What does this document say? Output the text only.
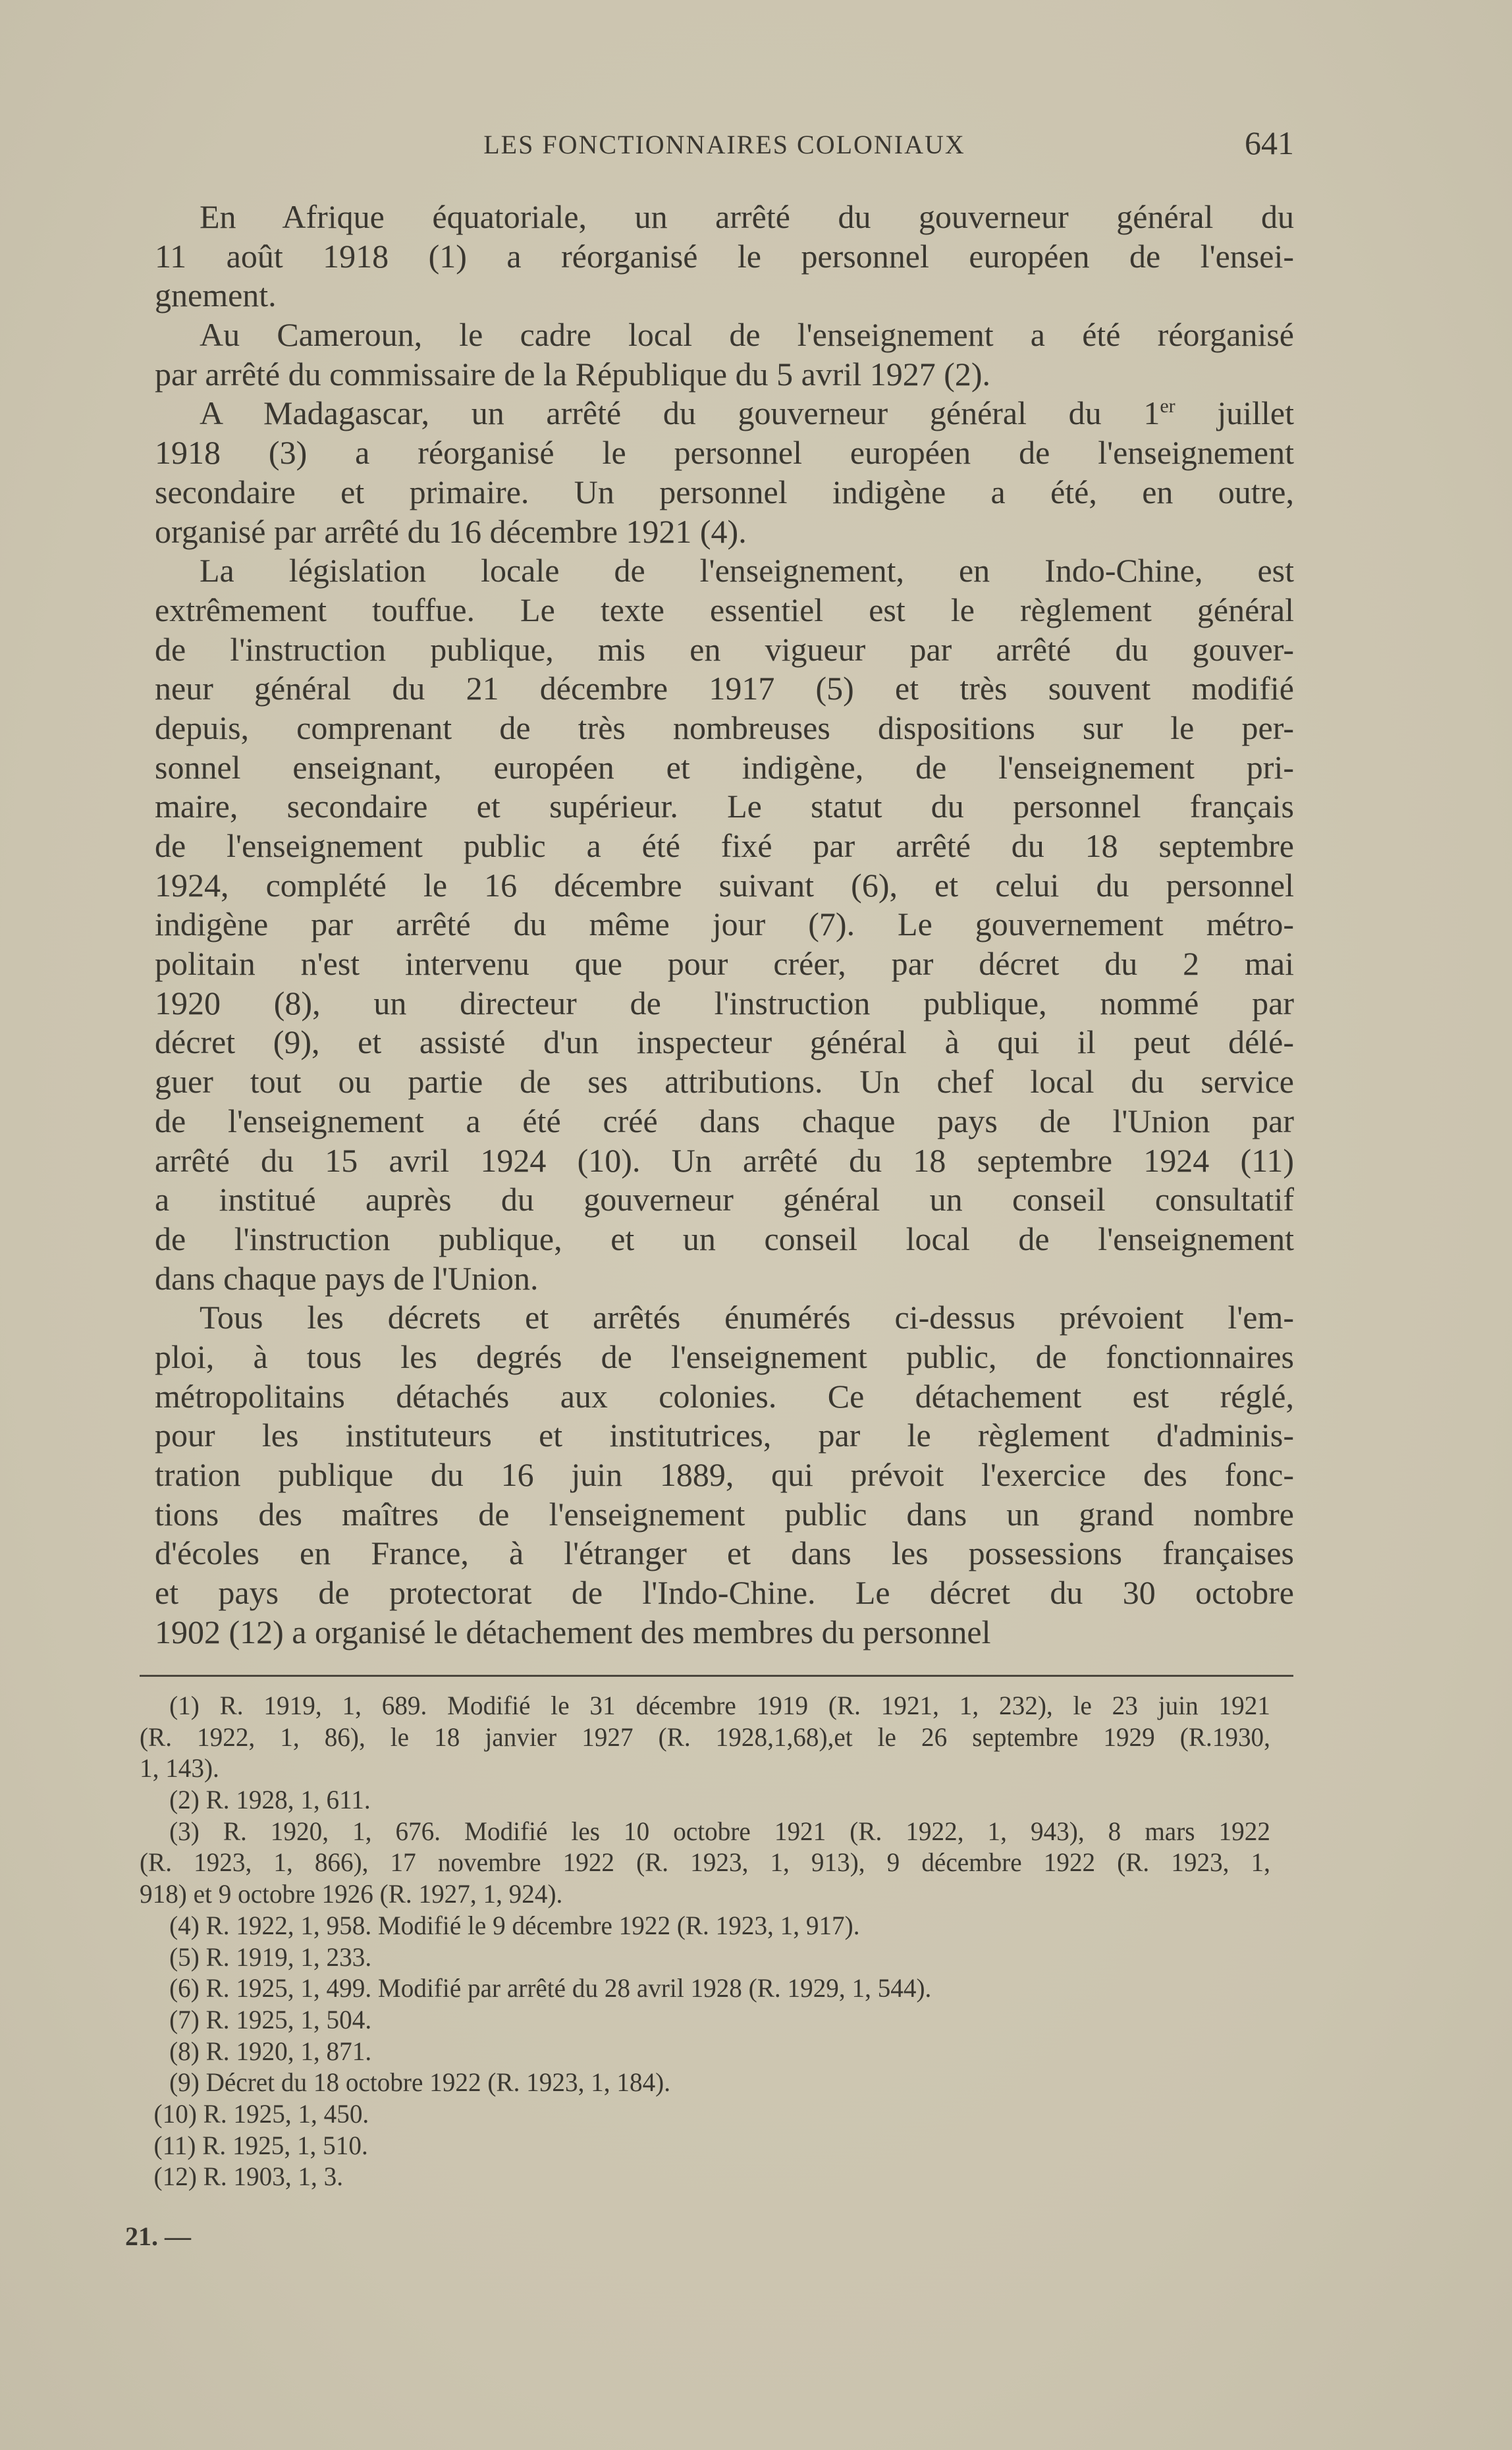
LES FONCTIONNAIRES COLONIAUX	641
En Afrique équatoriale, un arrêté du gouverneur général du
11 août 1918 (1) a réorganisé le personnel européen de l'ensei-
gnement.
Au Cameroun, le cadre local de l'enseignement a été réorganisé
par arrêté du commissaire de la République du 5 avril 1927 (2).
A Madagascar, un arrêté du gouverneur général du 1er juillet
1918 (3) a réorganisé le personnel européen de l'enseignement
secondaire et primaire. Un personnel indigène a été, en outre,
organisé par arrêté du 16 décembre 1921 (4).
La législation locale de l'enseignement, en Indo-Chine, est
extrêmement touffue. Le texte essentiel est le règlement général
de l'instruction publique, mis en vigueur par arrêté du gouver-
neur général du 21 décembre 1917 (5) et très souvent modifié
depuis, comprenant de très nombreuses dispositions sur le per-
sonnel enseignant, européen et indigène, de l'enseignement pri-
maire, secondaire et supérieur. Le statut du personnel français
de l'enseignement public a été fixé par arrêté du 18 septembre
1924, complété le 16 décembre suivant (6), et celui du personnel
indigène par arrêté du même jour (7). Le gouvernement métro-
politain n'est intervenu que pour créer, par décret du 2 mai
1920 (8), un directeur de l'instruction publique, nommé par
décret (9), et assisté d'un inspecteur général à qui il peut délé-
guer tout ou partie de ses attributions. Un chef local du service
de l'enseignement a été créé dans chaque pays de l'Union par
arrêté du 15 avril 1924 (10). Un arrêté du 18 septembre 1924 (11)
a institué auprès du gouverneur général un conseil consultatif
de l'instruction publique, et un conseil local de l'enseignement
dans chaque pays de l'Union.
Tous les décrets et arrêtés énumérés ci-dessus prévoient l'em-
ploi, à tous les degrés de l'enseignement public, de fonctionnaires
métropolitains détachés aux colonies. Ce détachement est réglé,
pour les instituteurs et institutrices, par le règlement d'adminis-
tration publique du 16 juin 1889, qui prévoit l'exercice des fonc-
tions des maîtres de l'enseignement public dans un grand nombre
d'écoles en France, à l'étranger et dans les possessions françaises
et pays de protectorat de l'Indo-Chine. Le décret du 30 octobre
1902 (12) a organisé le détachement des membres du personnel
(1) R. 1919, 1, 689. Modifié le 31 décembre 1919 (R. 1921, 1, 232), le 23 juin 1921
(R. 1922, 1, 86), le 18 janvier 1927 (R. 1928,1,68),et le 26 septembre 1929 (R.1930,
1, 143).
(2) R. 1928, 1, 611.
(3) R. 1920, 1, 676. Modifié les 10 octobre 1921 (R. 1922, 1, 943), 8 mars 1922
(R. 1923, 1, 866), 17 novembre 1922 (R. 1923, 1, 913), 9 décembre 1922 (R. 1923, 1,
918) et 9 octobre 1926 (R. 1927, 1, 924).
(4) R. 1922, 1, 958. Modifié le 9 décembre 1922 (R. 1923, 1, 917).
(5) R. 1919, 1, 233.
(6) R. 1925, 1, 499. Modifié par arrêté du 28 avril 1928 (R. 1929, 1, 544).
(7) R. 1925, 1, 504.
(8) R. 1920, 1, 871.
(9) Décret du 18 octobre 1922 (R. 1923, 1, 184).
(10) R. 1925, 1, 450.
(11) R. 1925, 1, 510.
(12) R. 1903, 1, 3.
21. —
